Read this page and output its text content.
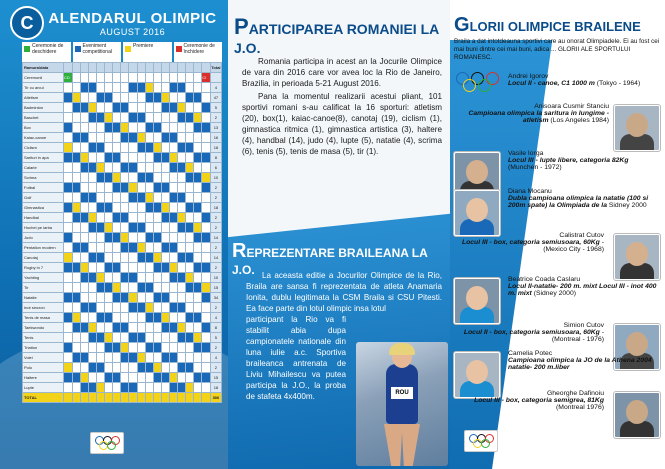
C ALENDARUL OLIMPIC
AUGUST 2016
Ceremonie de deschidere
Eveniment competitional
Premiere	Ceremonie de închidere
Ramura/data																			Total
Ceremonii	CD																	CI	
Tir cu arcul																			4
Atletism																			47
Badminton																			5
Baschet																			2
Box																			13
Kaiac-canoe																			16
Ciclism																			18
Sarituri in apa																			8
Calarie																			6
Scrima																			10
Fotbal																			2
Golf																			2
Gimnastica																			18
Handbal																			2
Hochei pe iarba																			2
Judo																			14
Pentatlon modern																			2
Canotaj																			14
Rugby in 7																			2
Yachting																			10
Tir																			15
Natatie																			34
Inot sincron																			2
Tenis de masa																			4
Taekwondo																			8
Tenis																			5
Triatlon																			2
Volei																			4
Polo																			2
Haltere																			15
Lupte																			18
TOTAL																			306
PARTICIPAREA ROMANIEI LA J.O.

Romania participa in acest an la Jocurile Olimpice de vara din 2016 care vor avea loc la Rio de Janeiro, Brazilia, in perioada 5-21 August 2016.

Pana la momentul realizarii acestui pliant, 101 sportivi romani s-au calificat la 16 sporturi: atletism (20), box(1), kaiac-canoe(8), canotaj (19), ciclism (1), gimnastica ritmica (1), gimnastica artistica (3), haltere (4), handbal (14), judo (4), lupte (5), natatie (4), scrima (6), tenis (5), tenis de masa (5), tir (1).

REPREZENTARE BRAILEANA LA J.O. La aceasta editie a Jocurilor Olimpice de la Rio, Braila are sansa fi reprezentata de atleta Anamaria Ionita, dublu legitimata la CSM Braila si CSU Pitesti. Ea face parte din lotul olimpic insa lotul

participant la Rio va fi stabilit abia dupa campionatele nationale din luna iulie a.c. Sportiva braileanca antrenata de Liviu Mihailescu va putea participa la J.O., la proba de stafeta 4x400m.	ROU
GLORII OLIMPICE BRAILENE
Braila a dat intotdeauna sportivi care au onorat Olimpiadele. Ei au fost cei mai buni dintre cei mai buni, adica ... GLORII ALE SPORTULUI ROMANESC.
Andrei Igorov
Locul II - canoe, C1 1000 m (Tokyo - 1964)
Anisoara Cusmir Stanciu
Campioana olimpica la saritura in lungime - atletism (Los Angeles 1984)
Vasile Iorga
Locul III - lupte libere, categoria 82Kg (Munchen - 1972)
Diana Mocanu
Dubla campioana olimpica la natatie (100 si 200m spate) la Olimpiada de la Sidney 2000
Calistrat Cutov
Locul III - box, categoria semiusoara, 60Kg - (Mexico City - 1968)
Beatrice Coada Caslaru
Locul II-natatie- 200 m. mixt Locul III - inot 400 m. mixt (Sidney 2000)
Simion Cutov
Locul II - box, categoria semiusoara, 60Kg - (Montreal - 1976)
Camelia Potec
Campioana olimpica la JO de la Athena 2004 natatie- 200 m.liber
Gheorghe Dafinoiu
Locul III - box, categoria semigrea, 81Kg (Montreal 1976)
